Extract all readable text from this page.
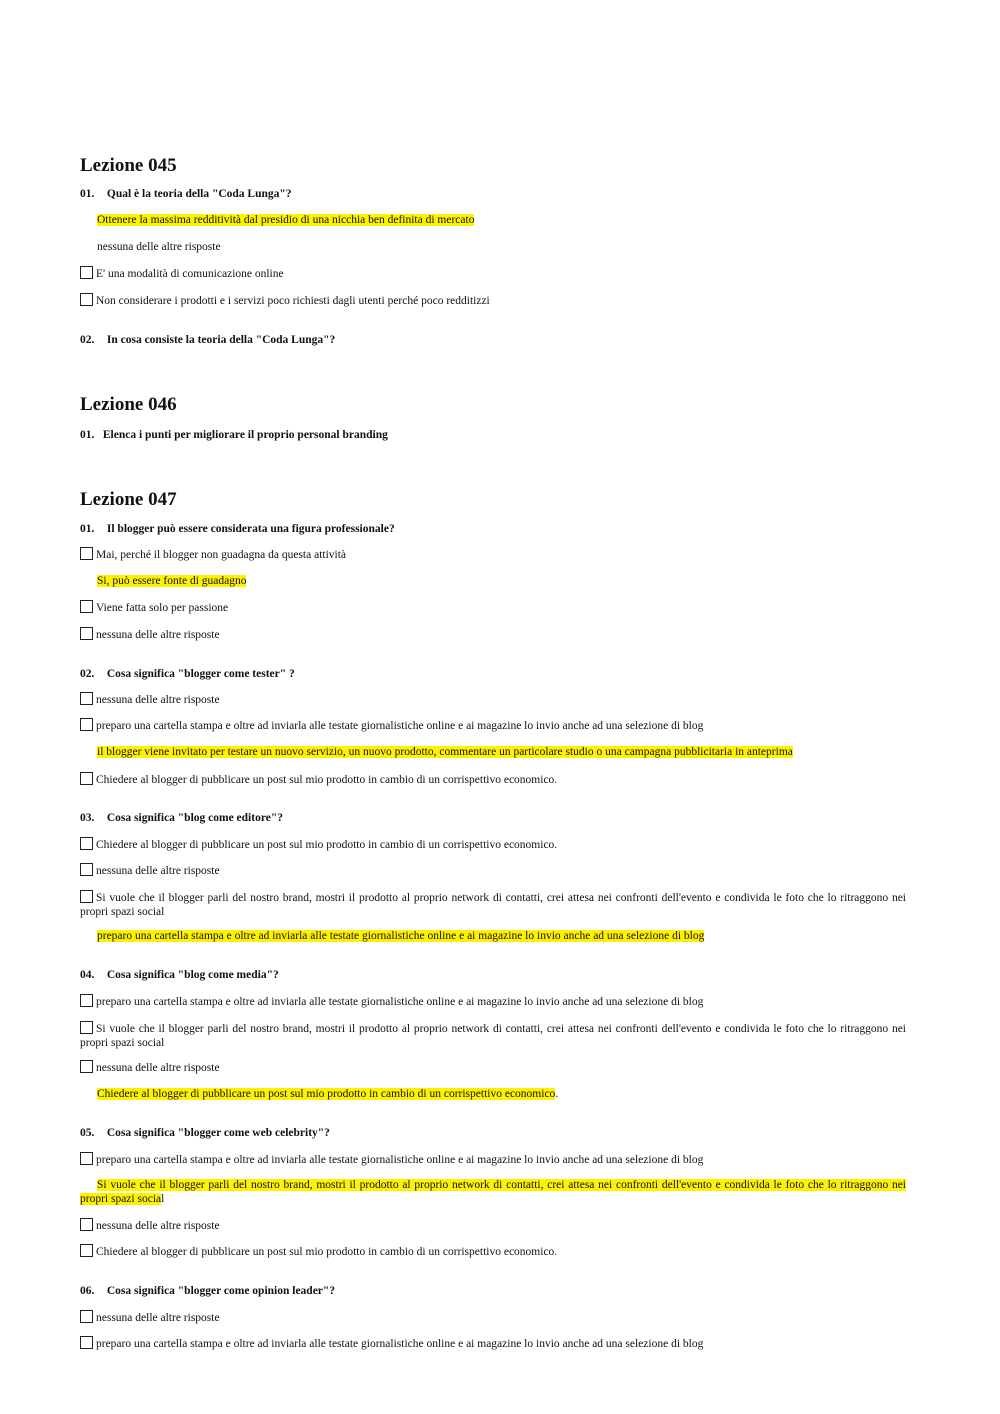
Lezione 045
01. Qual è la teoria della "Coda Lunga"?
Ottenere la massima redditività dal presidio di una nicchia ben definita di mercato
nessuna delle altre risposte
E' una modalità di comunicazione online
Non considerare i prodotti e i servizi poco richiesti dagli utenti perché poco redditizzi
02. In cosa consiste la teoria della "Coda Lunga"?
Lezione 046
01. Elenca i punti per migliorare il proprio personal branding
Lezione 047
01. Il blogger può essere considerata una figura professionale?
Mai, perché il blogger non guadagna da questa attività
Si, può essere fonte di guadagno
Viene fatta solo per passione
nessuna delle altre risposte
02. Cosa significa "blogger come tester" ?
nessuna delle altre risposte
preparo una cartella stampa e oltre ad inviarla alle testate giornalistiche online e ai magazine lo invio anche ad una selezione di blog
il blogger viene invitato per testare un nuovo servizio, un nuovo prodotto, commentare un particolare studio o una campagna pubblicitaria in anteprima
Chiedere al blogger di pubblicare un post sul mio prodotto in cambio di un corrispettivo economico.
03. Cosa significa "blog come editore"?
Chiedere al blogger di pubblicare un post sul mio prodotto in cambio di un corrispettivo economico.
nessuna delle altre risposte
Si vuole che il blogger parli del nostro brand, mostri il prodotto al proprio network di contatti, crei attesa nei confronti dell'evento e condivida le foto che lo ritraggono nei propri spazi social
preparo una cartella stampa e oltre ad inviarla alle testate giornalistiche online e ai magazine lo invio anche ad una selezione di blog
04. Cosa significa "blog come media"?
preparo una cartella stampa e oltre ad inviarla alle testate giornalistiche online e ai magazine lo invio anche ad una selezione di blog
Si vuole che il blogger parli del nostro brand, mostri il prodotto al proprio network di contatti, crei attesa nei confronti dell'evento e condivida le foto che lo ritraggono nei propri spazi social
nessuna delle altre risposte
Chiedere al blogger di pubblicare un post sul mio prodotto in cambio di un corrispettivo economico.
05. Cosa significa "blogger come web celebrity"?
preparo una cartella stampa e oltre ad inviarla alle testate giornalistiche online e ai magazine lo invio anche ad una selezione di blog
Si vuole che il blogger parli del nostro brand, mostri il prodotto al proprio network di contatti, crei attesa nei confronti dell'evento e condivida le foto che lo ritraggono nei propri spazi social
nessuna delle altre risposte
Chiedere al blogger di pubblicare un post sul mio prodotto in cambio di un corrispettivo economico.
06. Cosa significa "blogger come opinion leader"?
nessuna delle altre risposte
preparo una cartella stampa e oltre ad inviarla alle testate giornalistiche online e ai magazine lo invio anche ad una selezione di blog
